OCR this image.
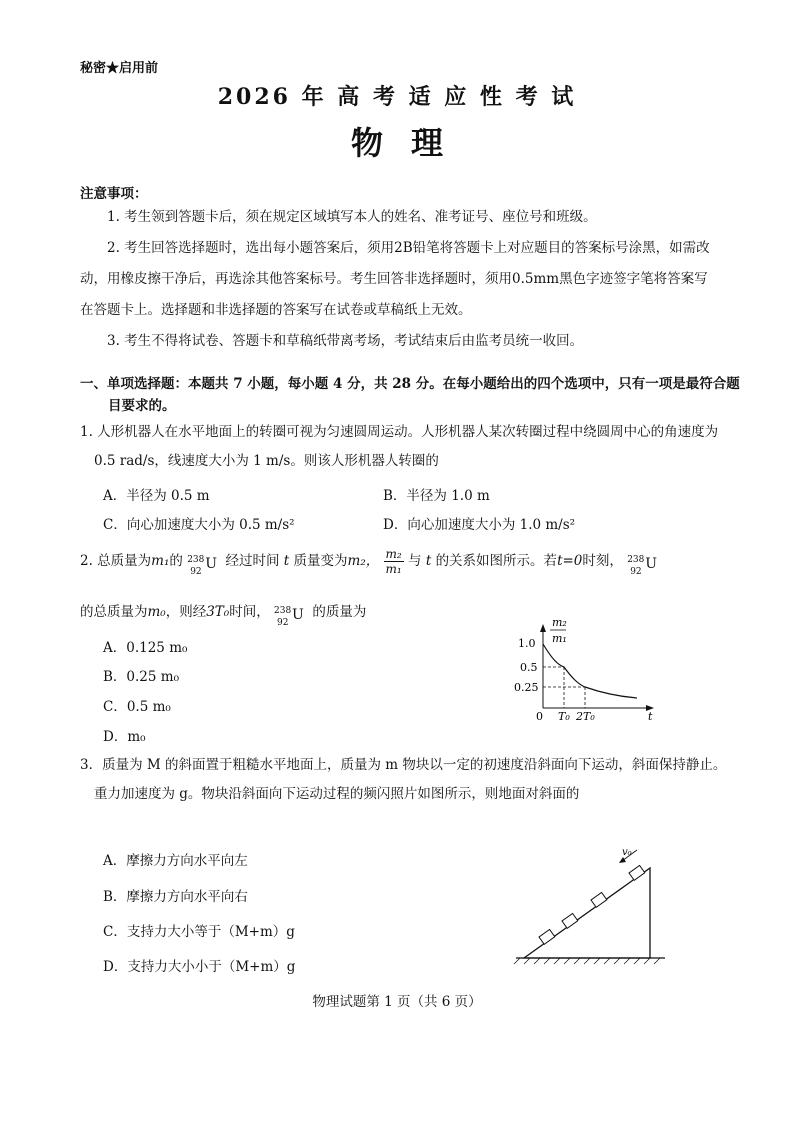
秘密★启用前
2026 年 高 考 适 应 性 考 试
物理
注意事项：
1. 考生领到答题卡后，须在规定区域填写本人的姓名、准考证号、座位号和班级。
2. 考生回答选择题时，选出每小题答案后，须用2B铅笔将答题卡上对应题目的答案标号涂黑，如需改动，用橡皮擦干净后，再选涂其他答案标号。考生回答非选择题时，须用0.5mm黑色字迹签字笔将答案写在答题卡上。选择题和非选择题的答案写在试卷或草稿纸上无效。
3. 考生不得将试卷、答题卡和草稿纸带离考场，考试结束后由监考员统一收回。
一、单项选择题：本题共 7 小题，每小题 4 分，共 28 分。在每小题给出的四个选项中，只有一项是最符合题目要求的。
1. 人形机器人在水平地面上的转圈可视为匀速圆周运动。人形机器人某次转圈过程中绕圆周中心的角速度为 0.5 rad/s，线速度大小为 1 m/s。则该人形机器人转圈的
A．半径为 0.5 m	B．半径为 1.0 m
C．向心加速度大小为 0.5 m/s²	D．向心加速度大小为 1.0 m/s²
2. 总质量为m₁的 238
92 U 经过时间 t 质量变为m₂， $\frac{\text{m₂}}{\text{m₁}}$ 与 t 的关系如图所示。若t=0时刻， 238
92 U
的总质量为m₀，则经3T₀时间， 238
92 U 的质量为
A．0.125 m₀
B．0.25 m₀
C．0.5 m₀
D．m₀
m₂
m₁
1.0
0.5
0.25
0 T₀ 2T₀	t
3．质量为 M 的斜面置于粗糙水平地面上，质量为 m 物块以一定的初速度沿斜面向下运动，斜面保持静止。重力加速度为 g。物块沿斜面向下运动过程的频闪照片如图所示，则地面对斜面的
A．摩擦力方向水平向左
B．摩擦力方向水平向右
C．支持力大小等于（M+m）g
D．支持力大小小于（M+m）g
v₀
物理试题第 1 页（共 6 页）
